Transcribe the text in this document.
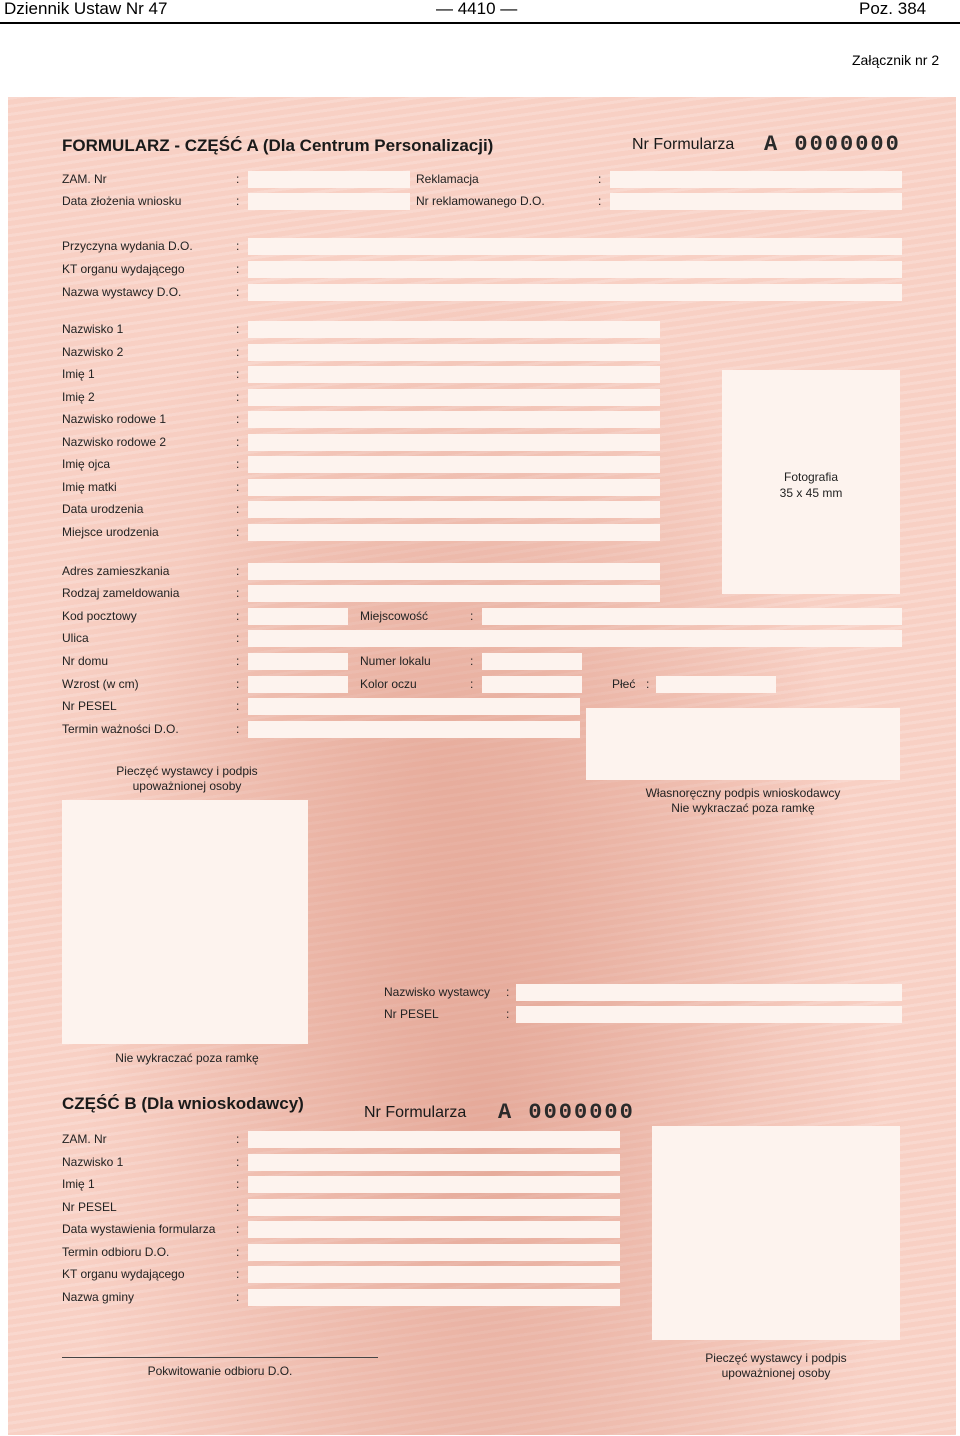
Dziennik Ustaw Nr 47	— 4410 —	Poz. 384
Załącznik nr 2
FORMULARZ - CZĘŚĆ A (Dla Centrum Personalizacji)	Nr Formularza A 0000000
ZAM. Nr	:	Reklamacja	:
Data złożenia wniosku	:	Nr reklamowanego D.O.	:
Przyczyna wydania D.O.	:
KT organu wydającego	:
Nazwa wystawcy D.O.	:
Nazwisko 1	:
Nazwisko 2	:
Imię 1	:
Imię 2	:
Nazwisko rodowe 1	:
Nazwisko rodowe 2	:
Imię ojca	:
Imię matki	:
Data urodzenia	:
Miejsce urodzenia	:
Fotografia
35 x 45 mm
Adres zamieszkania	:
Rodzaj zameldowania	:
Kod pocztowy	:	Miejscowość	:
Ulica	:
Nr domu	:	Numer lokalu	:
Wzrost (w cm)	:	Kolor oczu	:	Płeć :
Nr PESEL	:
Termin ważności D.O.	:
Własnoręczny podpis wnioskodawcy
Nie wykraczać poza ramkę
Pieczęć wystawcy i podpis
upoważnionej osoby
Nie wykraczać poza ramkę
Nazwisko wystawcy :
Nr PESEL	:
CZĘŚĆ B (Dla wnioskodawcy)	Nr Formularza A 0000000
ZAM. Nr	:
Nazwisko 1	:
Imię 1	:
Nr PESEL	:
Data wystawienia formularza :
Termin odbioru D.O.	:
KT organu wydającego	:
Nazwa gminy	:
Pieczęć wystawcy i podpis
upoważnionej osoby
Pokwitowanie odbioru D.O.
